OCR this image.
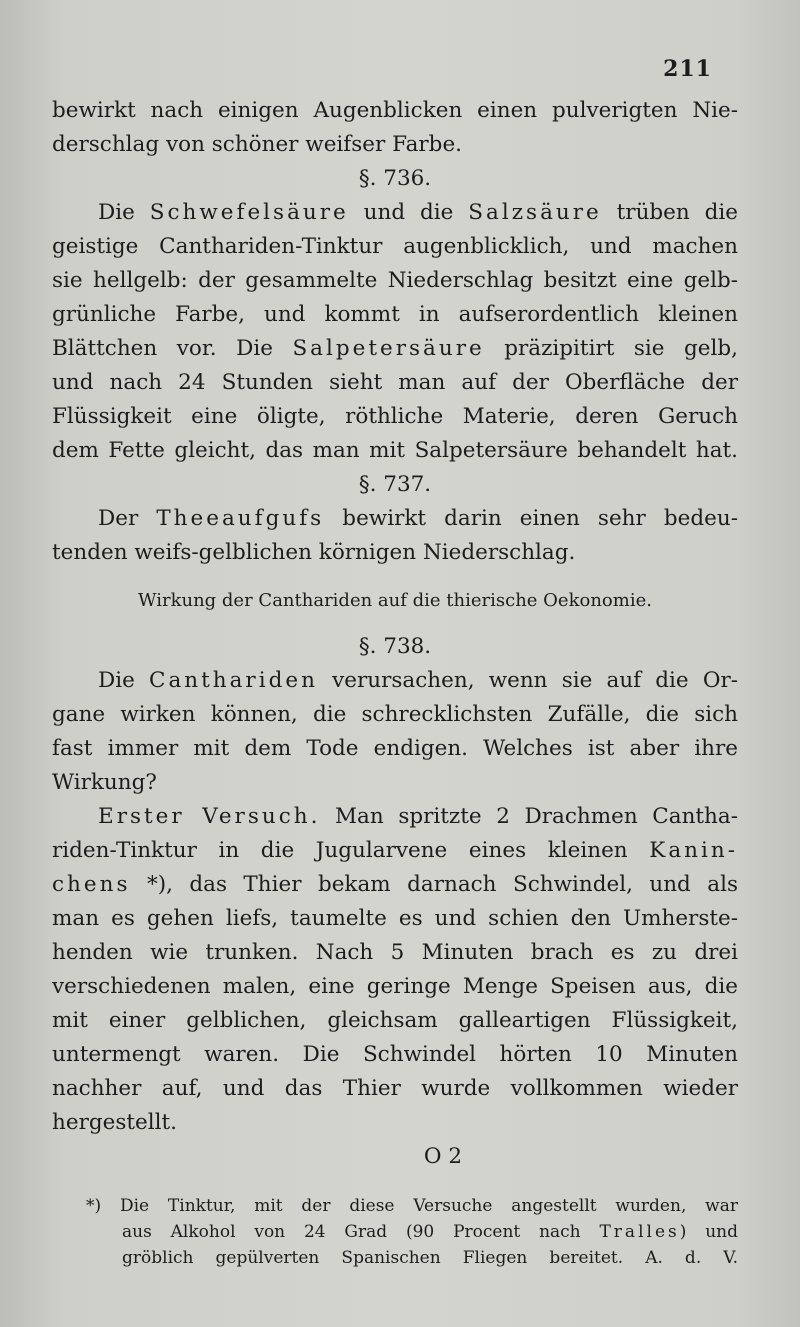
211
bewirkt nach einigen Augenblicken einen pulverigten Nie-
derschlag von schöner weifser Farbe.
§. 736.
Die Schwefelsäure und die Salzsäure trüben die
geistige Canthariden-Tinktur augenblicklich, und machen
sie hellgelb: der gesammelte Niederschlag besitzt eine gelb-
grünliche Farbe, und kommt in aufserordentlich kleinen
Blättchen vor. Die Salpetersäure präzipitirt sie gelb,
und nach 24 Stunden sieht man auf der Oberfläche der
Flüssigkeit eine öligte, röthliche Materie, deren Geruch
dem Fette gleicht, das man mit Salpetersäure behandelt hat.
§. 737.
Der Theeaufgufs bewirkt darin einen sehr bedeu-
tenden weifs-gelblichen körnigen Niederschlag.
Wirkung der Canthariden auf die thierische Oekonomie.
§. 738.
Die Canthariden verursachen, wenn sie auf die Or-
gane wirken können, die schrecklichsten Zufälle, die sich
fast immer mit dem Tode endigen. Welches ist aber ihre
Wirkung?
Erster Versuch. Man spritzte 2 Drachmen Cantha-
riden-Tinktur in die Jugularvene eines kleinen Kanin-
chens *), das Thier bekam darnach Schwindel, und als
man es gehen liefs, taumelte es und schien den Umherste-
henden wie trunken. Nach 5 Minuten brach es zu drei
verschiedenen malen, eine geringe Menge Speisen aus, die
mit einer gelblichen, gleichsam galleartigen Flüssigkeit,
untermengt waren. Die Schwindel hörten 10 Minuten
nachher auf, und das Thier wurde vollkommen wieder
hergestellt.
O 2
*) Die Tinktur, mit der diese Versuche angestellt wurden, war
aus Alkohol von 24 Grad (90 Procent nach Tralles) und
gröblich gepülverten Spanischen Fliegen bereitet. A. d. V.
